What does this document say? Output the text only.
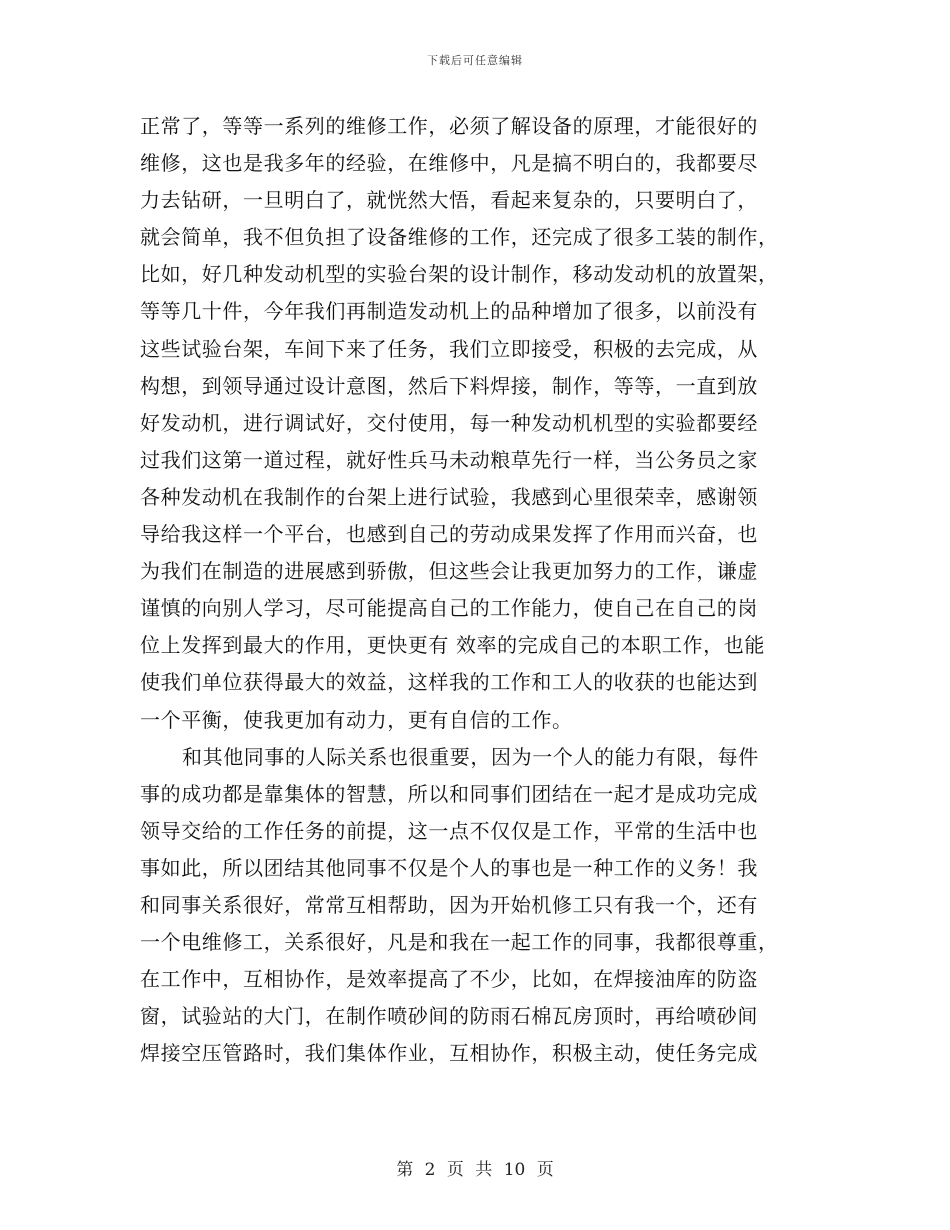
下载后可任意编辑
正常了，等等一系列的维修工作，必须了解设备的原理，才能很好的
维修，这也是我多年的经验，在维修中，凡是搞不明白的，我都要尽
力去钻研，一旦明白了，就恍然大悟，看起来复杂的，只要明白了，
就会简单，我不但负担了设备维修的工作，还完成了很多工装的制作，
比如，好几种发动机型的实验台架的设计制作，移动发动机的放置架，
等等几十件，今年我们再制造发动机上的品种增加了很多，以前没有
这些试验台架，车间下来了任务，我们立即接受，积极的去完成，从
构想，到领导通过设计意图，然后下料焊接，制作，等等，一直到放
好发动机，进行调试好，交付使用，每一种发动机机型的实验都要经
过我们这第一道过程，就好性兵马未动粮草先行一样，当公务员之家
各种发动机在我制作的台架上进行试验，我感到心里很荣幸，感谢领
导给我这样一个平台，也感到自己的劳动成果发挥了作用而兴奋，也
为我们在制造的进展感到骄傲，但这些会让我更加努力的工作，谦虚
谨慎的向别人学习，尽可能提高自己的工作能力，使自己在自己的岗
位上发挥到最大的作用，更快更有 效率的完成自己的本职工作，也能
使我们单位获得最大的效益，这样我的工作和工人的收获的也能达到
一个平衡，使我更加有动力，更有自信的工作。
和其他同事的人际关系也很重要，因为一个人的能力有限，每件
事的成功都是靠集体的智慧，所以和同事们团结在一起才是成功完成
领导交给的工作任务的前提，这一点不仅仅是工作，平常的生活中也
事如此，所以团结其他同事不仅是个人的事也是一种工作的义务！我
和同事关系很好，常常互相帮助，因为开始机修工只有我一个，还有
一个电维修工，关系很好，凡是和我在一起工作的同事，我都很尊重，
在工作中，互相协作，是效率提高了不少，比如，在焊接油库的防盗
窗，试验站的大门，在制作喷砂间的防雨石棉瓦房顶时，再给喷砂间
焊接空压管路时，我们集体作业，互相协作，积极主动，使任务完成
第 2 页 共 10 页
